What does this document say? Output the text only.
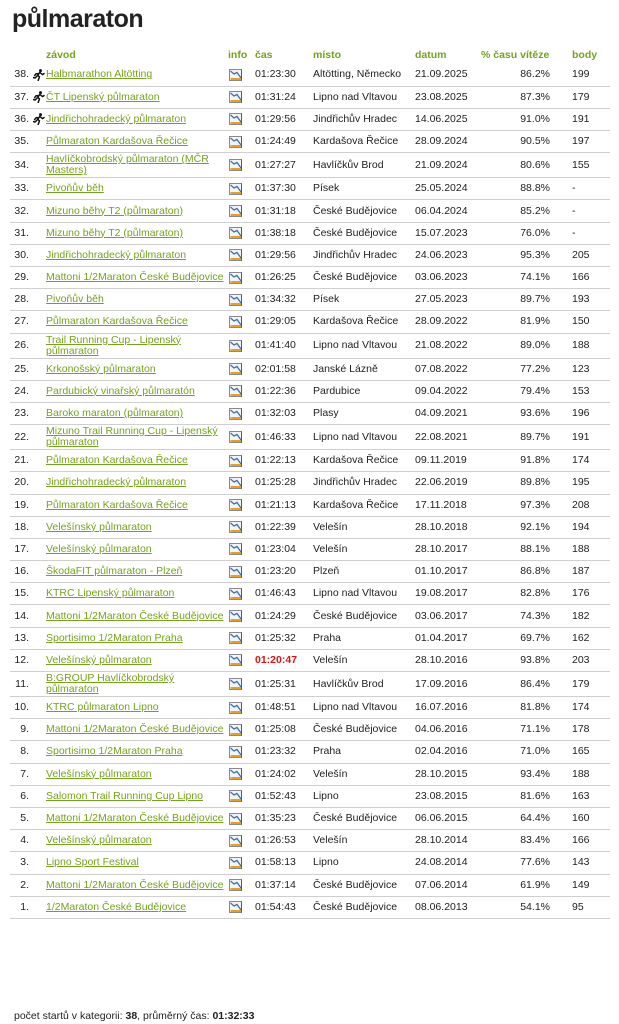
půlmaraton
		závod	info	čas	místo	datum	% času vítěze	body
38.		Halbmarathon Altötting		01:23:30	Altötting, Německo	21.09.2025	86.2%	199
37.		ČT Lipenský půlmaraton		01:31:24	Lipno nad Vltavou	23.08.2025	87.3%	179
36.		Jindřichohradecký půlmaraton		01:29:56	Jindřichův Hradec	14.06.2025	91.0%	191
35.		Půlmaraton Kardašova Řečice		01:24:49	Kardašova Řečice	28.09.2024	90.5%	197
34.		Havlíčkobrodský půlmaraton (MČR Masters)		01:27:27	Havlíčkův Brod	21.09.2024	80.6%	155
33.		Pivoňův běh		01:37:30	Písek	25.05.2024	88.8%	-
32.		Mizuno běhy T2 (půlmaraton)		01:31:18	České Budějovice	06.04.2024	85.2%	-
31.		Mizuno běhy T2 (půlmaraton)		01:38:18	České Budějovice	15.07.2023	76.0%	-
30.		Jindřichohradecký půlmaraton		01:29:56	Jindřichův Hradec	24.06.2023	95.3%	205
29.		Mattoni 1/2Maraton České Budějovice		01:26:25	České Budějovice	03.06.2023	74.1%	166
28.		Pivoňův běh		01:34:32	Písek	27.05.2023	89.7%	193
27.		Půlmaraton Kardašova Řečice		01:29:05	Kardašova Řečice	28.09.2022	81.9%	150
26.		Trail Running Cup - Lipenský půlmaraton		01:41:40	Lipno nad Vltavou	21.08.2022	89.0%	188
25.		Krkonošský půlmaraton		02:01:58	Janské Lázně	07.08.2022	77.2%	123
24.		Pardubický vinařský půlmaratón		01:22:36	Pardubice	09.04.2022	79.4%	153
23.		Baroko maraton (půlmaraton)		01:32:03	Plasy	04.09.2021	93.6%	196
22.		Mizuno Trail Running Cup - Lipenský půlmaraton		01:46:33	Lipno nad Vltavou	22.08.2021	89.7%	191
21.		Půlmaraton Kardašova Řečice		01:22:13	Kardašova Řečice	09.11.2019	91.8%	174
20.		Jindřichohradecký půlmaraton		01:25:28	Jindřichův Hradec	22.06.2019	89.8%	195
19.		Půlmaraton Kardašova Řečice		01:21:13	Kardašova Řečice	17.11.2018	97.3%	208
18.		Velešínský půlmaraton		01:22:39	Velešín	28.10.2018	92.1%	194
17.		Velešínský půlmaraton		01:23:04	Velešín	28.10.2017	88.1%	188
16.		ŠkodaFIT půlmaraton - Plzeň		01:23:20	Plzeň	01.10.2017	86.8%	187
15.		KTRC Lipenský půlmaraton		01:46:43	Lipno nad Vltavou	19.08.2017	82.8%	176
14.		Mattoni 1/2Maraton České Budějovice		01:24:29	České Budějovice	03.06.2017	74.3%	182
13.		Sportisimo 1/2Maraton Praha		01:25:32	Praha	01.04.2017	69.7%	162
12.		Velešínský půlmaraton		01:20:47	Velešín	28.10.2016	93.8%	203
11.		B:GROUP Havlíčkobrodský půlmaraton		01:25:31	Havlíčkův Brod	17.09.2016	86.4%	179
10.		KTRC půlmaraton Lipno		01:48:51	Lipno nad Vltavou	16.07.2016	81.8%	174
9.		Mattoni 1/2Maraton České Budějovice		01:25:08	České Budějovice	04.06.2016	71.1%	178
8.		Sportisimo 1/2Maraton Praha		01:23:32	Praha	02.04.2016	71.0%	165
7.		Velešínský půlmaraton		01:24:02	Velešín	28.10.2015	93.4%	188
6.		Salomon Trail Running Cup Lipno		01:52:43	Lipno	23.08.2015	81.6%	163
5.		Mattoni 1/2Maraton České Budějovice		01:35:23	České Budějovice	06.06.2015	64.4%	160
4.		Velešínský půlmaraton		01:26:53	Velešín	28.10.2014	83.4%	166
3.		Lipno Sport Festival		01:58:13	Lipno	24.08.2014	77.6%	143
2.		Mattoni 1/2Maraton České Budějovice		01:37:14	České Budějovice	07.06.2014	61.9%	149
1.		1/2Maraton České Budějovice		01:54:43	České Budějovice	08.06.2013	54.1%	95
počet startů v kategorii: 38, průměrný čas: 01:32:33
